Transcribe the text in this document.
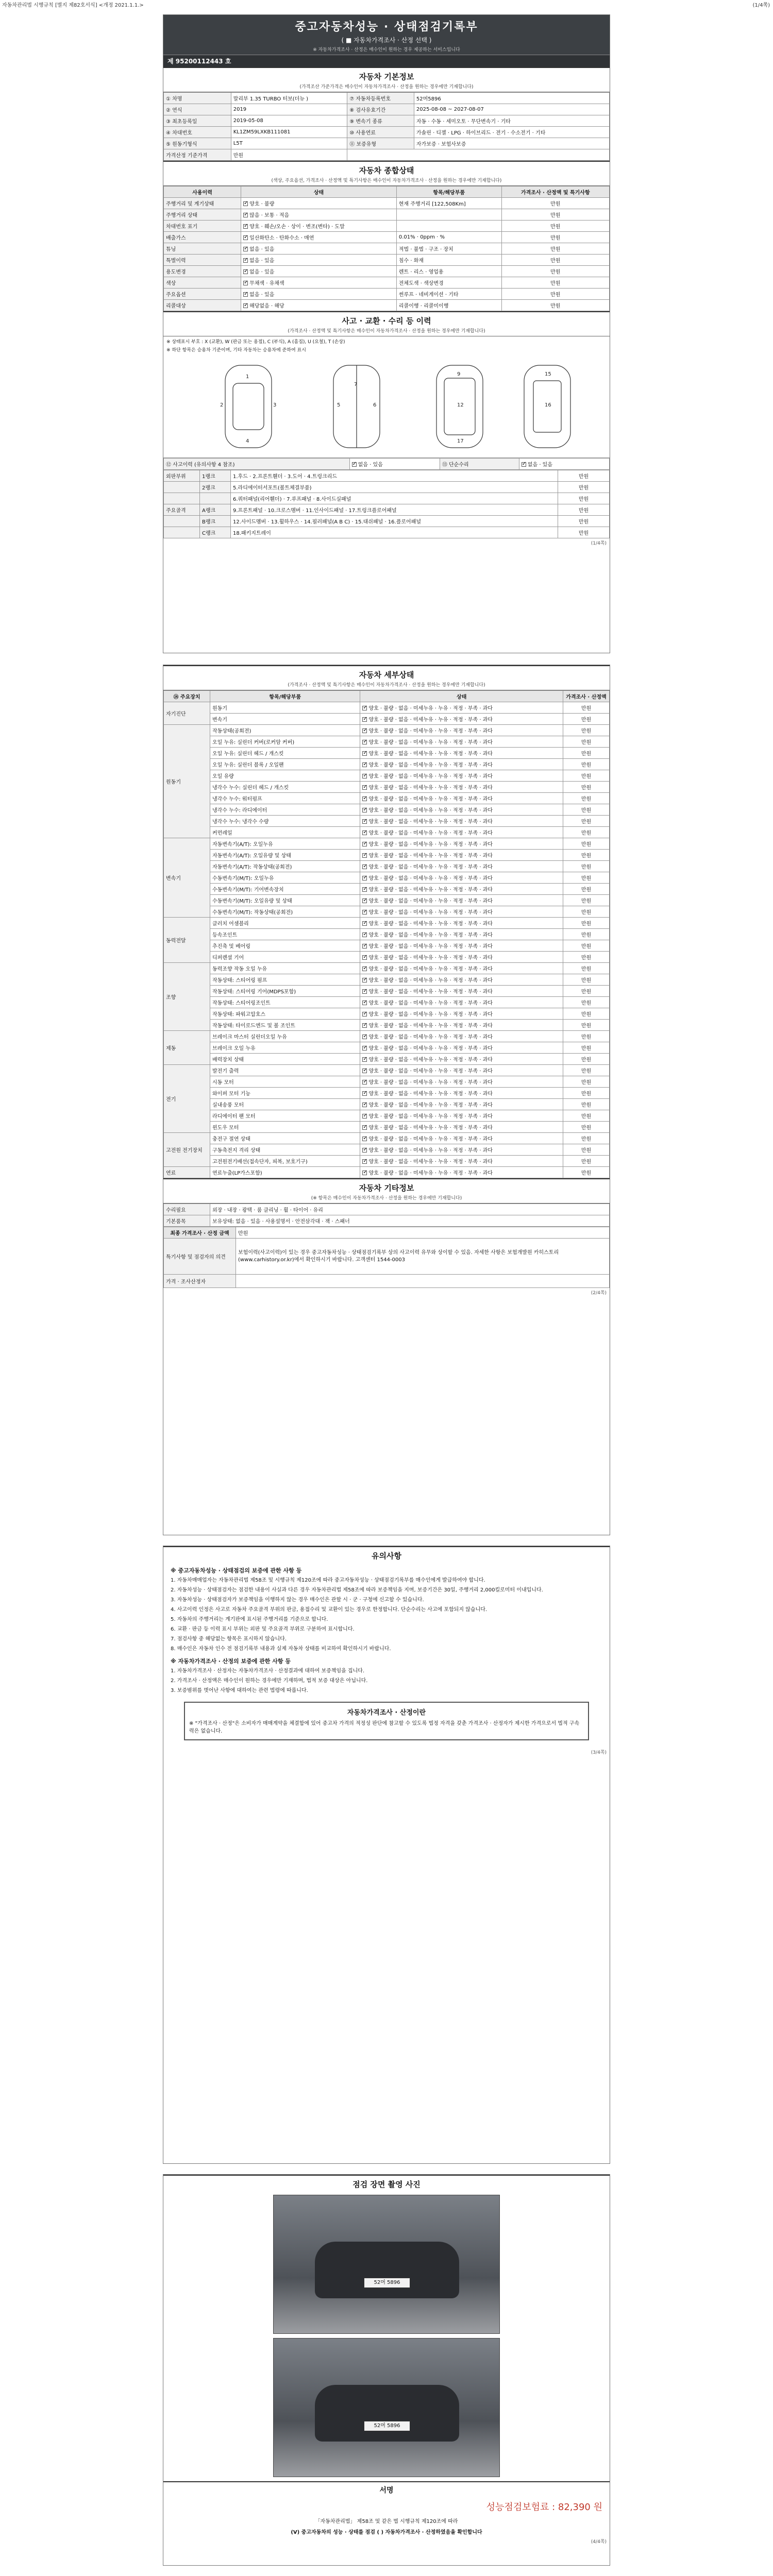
자동차관리법 시행규칙 [별지 제82호서식] <개정 2021.1.1.>	(1/4쪽)
중고자동차성능 · 상태점검기록부
( ■ 자동차가격조사 · 산정 선택 )
※ 자동차가격조사 · 산정은 매수인이 원하는 경우 제공하는 서비스입니다
제 95200112443 호
자동차 기본정보
(가격조산 가준가격은 매수인이 자동차가격조사 · 산정을 원하는 경우에만 기재합니다)
① 차명	말리부 1.35 TURBO 터보(더뉴 )	⑦ 자동차등록번호	52머5896
② 연식	2019	⑧ 검사유효기간	2025-08-08 ~ 2027-08-07
③ 최초등록일	2019-05-08	⑨ 변속기 종류	자동 · 수동 · 세미오토 · 무단변속기 · 기타
④ 차대번호	KL1ZM59LXKB111081	⑩ 사용연료	가솔린 · 디젤 · LPG · 하이브리드 · 전기 · 수소전기 · 기타
⑤ 원동기형식	L5T	⑪ 보증유형	자가보증 · 보험사보증
가격산정 기준가격	만원		
자동차 종합상태
(색상, 주요옵션, 가격조사 · 산정액 및 특기사항은 매수인이 자동차가격조사 · 산정을 원하는 경우에만 기재합니다)
사용이력	상태	항목/해당부품	가격조사 · 산정액 및 특기사항
주행거리 및 계기상태	✓양호 · 불량	현재 주행거리 [122,508Km]	만원
주행거리 상태	✓많음 · 보통 · 적음		만원
차대번호 표기	✓양호 · 훼손/오손 · 상이 · 변조(변타) · 도말		만원
배출가스	✓일산화탄소 · 탄화수소 · 매연	0.01% · 0ppm · %	만원
튜닝	✓없음 · 있음	적법 · 불법 · 구조 · 장치	만원
특별이력	✓없음 · 있음	침수 · 화재	만원
용도변경	✓없음 · 있음	렌트 · 리스 · 영업용	만원
색상	✓무채색 · 유채색	전체도색 · 색상변경	만원
주요옵션	✓없음 · 있음	썬루프 · 네비게이션 · 기타	만원
리콜대상	✓해당없음 · 해당	리콜이행 · 리콜미이행	만원
사고 · 교환 · 수리 등 이력
(가격조사 · 산정액 및 특기사항은 매수인이 자동차가격조사 · 산정을 원하는 경우에만 기재합니다)
※ 상태표시 부호 : X (교환), W (판금 또는 용접), C (부식), A (흠집), U (요철), T (손상)
※ 하단 항목은 승용차 기준이며, 기타 자동차는 승용차에 준하여 표시
1
4
2	3
7
5	6
9
12
17
16
15
⑫ 사고이력 (유의사항 4 참조)	✓없음 · 있음	⑬ 단순수리	✓없음 · 있음
외판부위	1랭크	1.후드 · 2.프론트휀더 · 3.도어 · 4.트렁크리드	만원
	2랭크	5.라디에이터서포트(볼트체결부품)	만원
		6.쿼터패널(리어휀더) · 7.루프패널 · 8.사이드실패널	만원
주요골격	A랭크	9.프론트패널 · 10.크로스멤버 · 11.인사이드패널 · 17.트렁크플로어패널	만원
	B랭크	12.사이드멤버 · 13.휠하우스 · 14.필러패널(A B C) · 15.대쉬패널 · 16.플로어패널	만원
	C랭크	18.패키지트레이	만원
(1/4쪽)
자동차 세부상태
(가격조사 · 산정액 및 특기사항은 매수인이 자동차가격조사 · 산정을 원하는 경우에만 기재합니다)
⑭ 주요장치	항목/해당부품	상태	가격조사 · 산정액
자기진단	원동기	✓양호 · 불량 · 없음 · 미세누유 · 누유 · 적정 · 부족 · 과다	만원
	변속기	✓양호 · 불량 · 없음 · 미세누유 · 누유 · 적정 · 부족 · 과다	만원
원동기	작동상태(공회전)	✓양호 · 불량 · 없음 · 미세누유 · 누유 · 적정 · 부족 · 과다	만원
	오일 누유: 실린더 커버(로커암 커버)	✓양호 · 불량 · 없음 · 미세누유 · 누유 · 적정 · 부족 · 과다	만원
	오일 누유: 실린더 헤드 / 개스킷	✓양호 · 불량 · 없음 · 미세누유 · 누유 · 적정 · 부족 · 과다	만원
	오일 누유: 실린더 블록 / 오일팬	✓양호 · 불량 · 없음 · 미세누유 · 누유 · 적정 · 부족 · 과다	만원
	오일 유량	✓양호 · 불량 · 없음 · 미세누유 · 누유 · 적정 · 부족 · 과다	만원
	냉각수 누수: 실린더 헤드 / 개스킷	✓양호 · 불량 · 없음 · 미세누유 · 누유 · 적정 · 부족 · 과다	만원
	냉각수 누수: 워터펌프	✓양호 · 불량 · 없음 · 미세누유 · 누유 · 적정 · 부족 · 과다	만원
	냉각수 누수: 라디에이터	✓양호 · 불량 · 없음 · 미세누유 · 누유 · 적정 · 부족 · 과다	만원
	냉각수 누수: 냉각수 수량	✓양호 · 불량 · 없음 · 미세누유 · 누유 · 적정 · 부족 · 과다	만원
	커먼레일	✓양호 · 불량 · 없음 · 미세누유 · 누유 · 적정 · 부족 · 과다	만원
변속기	자동변속기(A/T): 오일누유	✓양호 · 불량 · 없음 · 미세누유 · 누유 · 적정 · 부족 · 과다	만원
	자동변속기(A/T): 오일유량 및 상태	✓양호 · 불량 · 없음 · 미세누유 · 누유 · 적정 · 부족 · 과다	만원
	자동변속기(A/T): 작동상태(공회전)	✓양호 · 불량 · 없음 · 미세누유 · 누유 · 적정 · 부족 · 과다	만원
	수동변속기(M/T): 오일누유	✓양호 · 불량 · 없음 · 미세누유 · 누유 · 적정 · 부족 · 과다	만원
	수동변속기(M/T): 기어변속장치	✓양호 · 불량 · 없음 · 미세누유 · 누유 · 적정 · 부족 · 과다	만원
	수동변속기(M/T): 오일유량 및 상태	✓양호 · 불량 · 없음 · 미세누유 · 누유 · 적정 · 부족 · 과다	만원
	수동변속기(M/T): 작동상태(공회전)	✓양호 · 불량 · 없음 · 미세누유 · 누유 · 적정 · 부족 · 과다	만원
동력전달	클러치 어셈블리	✓양호 · 불량 · 없음 · 미세누유 · 누유 · 적정 · 부족 · 과다	만원
	등속조인트	✓양호 · 불량 · 없음 · 미세누유 · 누유 · 적정 · 부족 · 과다	만원
	추진축 및 베어링	✓양호 · 불량 · 없음 · 미세누유 · 누유 · 적정 · 부족 · 과다	만원
	디퍼렌셜 기어	✓양호 · 불량 · 없음 · 미세누유 · 누유 · 적정 · 부족 · 과다	만원
조향	동력조향 작동 오일 누유	✓양호 · 불량 · 없음 · 미세누유 · 누유 · 적정 · 부족 · 과다	만원
	작동상태: 스티어링 펌프	✓양호 · 불량 · 없음 · 미세누유 · 누유 · 적정 · 부족 · 과다	만원
	작동상태: 스티어링 기어(MDPS포함)	✓양호 · 불량 · 없음 · 미세누유 · 누유 · 적정 · 부족 · 과다	만원
	작동상태: 스티어링조인트	✓양호 · 불량 · 없음 · 미세누유 · 누유 · 적정 · 부족 · 과다	만원
	작동상태: 파워고압호스	✓양호 · 불량 · 없음 · 미세누유 · 누유 · 적정 · 부족 · 과다	만원
	작동상태: 타이로드엔드 및 볼 조인트	✓양호 · 불량 · 없음 · 미세누유 · 누유 · 적정 · 부족 · 과다	만원
제동	브레이크 마스터 실린더오일 누유	✓양호 · 불량 · 없음 · 미세누유 · 누유 · 적정 · 부족 · 과다	만원
	브레이크 오일 누유	✓양호 · 불량 · 없음 · 미세누유 · 누유 · 적정 · 부족 · 과다	만원
	배력장치 상태	✓양호 · 불량 · 없음 · 미세누유 · 누유 · 적정 · 부족 · 과다	만원
전기	발전기 출력	✓양호 · 불량 · 없음 · 미세누유 · 누유 · 적정 · 부족 · 과다	만원
	시동 모터	✓양호 · 불량 · 없음 · 미세누유 · 누유 · 적정 · 부족 · 과다	만원
	와이퍼 모터 기능	✓양호 · 불량 · 없음 · 미세누유 · 누유 · 적정 · 부족 · 과다	만원
	실내송풍 모터	✓양호 · 불량 · 없음 · 미세누유 · 누유 · 적정 · 부족 · 과다	만원
	라디에이터 팬 모터	✓양호 · 불량 · 없음 · 미세누유 · 누유 · 적정 · 부족 · 과다	만원
	윈도우 모터	✓양호 · 불량 · 없음 · 미세누유 · 누유 · 적정 · 부족 · 과다	만원
고전원 전기장치	충전구 절연 상태	✓양호 · 불량 · 없음 · 미세누유 · 누유 · 적정 · 부족 · 과다	만원
	구동축전지 격리 상태	✓양호 · 불량 · 없음 · 미세누유 · 누유 · 적정 · 부족 · 과다	만원
	고전원전기배선(접속단자, 피복, 보호기구)	✓양호 · 불량 · 없음 · 미세누유 · 누유 · 적정 · 부족 · 과다	만원
연료	연료누출(LP가스포함)	✓양호 · 불량 · 없음 · 미세누유 · 누유 · 적정 · 부족 · 과다	만원
자동차 기타정보
(※ 항목은 매수인이 자동차가격조사 · 산정을 원하는 경우에만 기재합니다)
수리필요	외장 · 내장 · 광택 · 룸 클리닝 · 휠 · 타이어 · 유리
기본품목	보유상태: 없음 · 있음 · 사용설명서 · 안전삼각대 · 잭 · 스패너
최종 가격조사 · 산정 금액	만원
특기사항 및 점검자의 의견	보험이력(사고이력)이 있는 경우 중고자동차성능 · 상태점검기록부 상의 사고이력 유무와 상이할 수 있음. 자세한 사항은 보험개발원 카히스토리(www.carhistory.or.kr)에서 확인하시기 바랍니다. 고객센터 1544-0003
가격 · 조사산정자	
(2/4쪽)
유의사항
※ 중고자동차성능 · 상태점검의 보증에 관한 사항 등

1. 자동차매매업자는 자동차관리법 제58조 및 시행규칙 제120조에 따라 중고자동차성능 · 상태점검기록부를 매수인에게 발급하여야 합니다.

2. 자동차성능 · 상태점검자는 점검한 내용이 사실과 다른 경우 자동차관리법 제58조에 따라 보증책임을 지며, 보증기간은 30일, 주행거리 2,000킬로미터 이내입니다.

3. 자동차성능 · 상태점검자가 보증책임을 이행하지 않는 경우 매수인은 관할 시 · 군 · 구청에 신고할 수 있습니다.

4. 사고이력 인정은 사고로 자동차 주요골격 부위의 판금, 용접수리 및 교환이 있는 경우로 한정합니다. 단순수리는 사고에 포함되지 않습니다.

5. 자동차의 주행거리는 계기판에 표시된 주행거리를 기준으로 합니다.

6. 교환 · 판금 등 이력 표시 부위는 외판 및 주요골격 부위로 구분하여 표시합니다.

7. 점검사항 중 해당없는 항목은 표시하지 않습니다.

8. 매수인은 자동차 인수 전 점검기록부 내용과 실제 자동차 상태를 비교하여 확인하시기 바랍니다.

※ 자동차가격조사 · 산정의 보증에 관한 사항 등

1. 자동차가격조사 · 산정자는 자동차가격조사 · 산정결과에 대하여 보증책임을 집니다.

2. 가격조사 · 산정액은 매수인이 원하는 경우에만 기재하며, 법적 보증 대상은 아닙니다.

3. 보증범위를 벗어난 사항에 대하여는 관련 법령에 따릅니다.

자동차가격조사 · 산정이란
※ "가격조사 · 산정"은 소비자가 매매계약을 체결함에 있어 중고차 가격의 적정성 판단에 참고할 수 있도록 법정 자격을 갖춘 가격조사 · 산정자가 제시한 가격으로서 법적 구속력은 없습니다.
(3/4쪽)
점검 장면 촬영 사진
52머 5896
52머 5896
서명
성능점검보험료 : 82,390 원
「자동차관리법」 제58조 및 같은 법 시행규칙 제120조에 따라
(V) 중고자동차의 성능 · 상태를 점검 ( ) 자동차가격조사 · 산정하였음을 확인합니다
(4/4쪽)
